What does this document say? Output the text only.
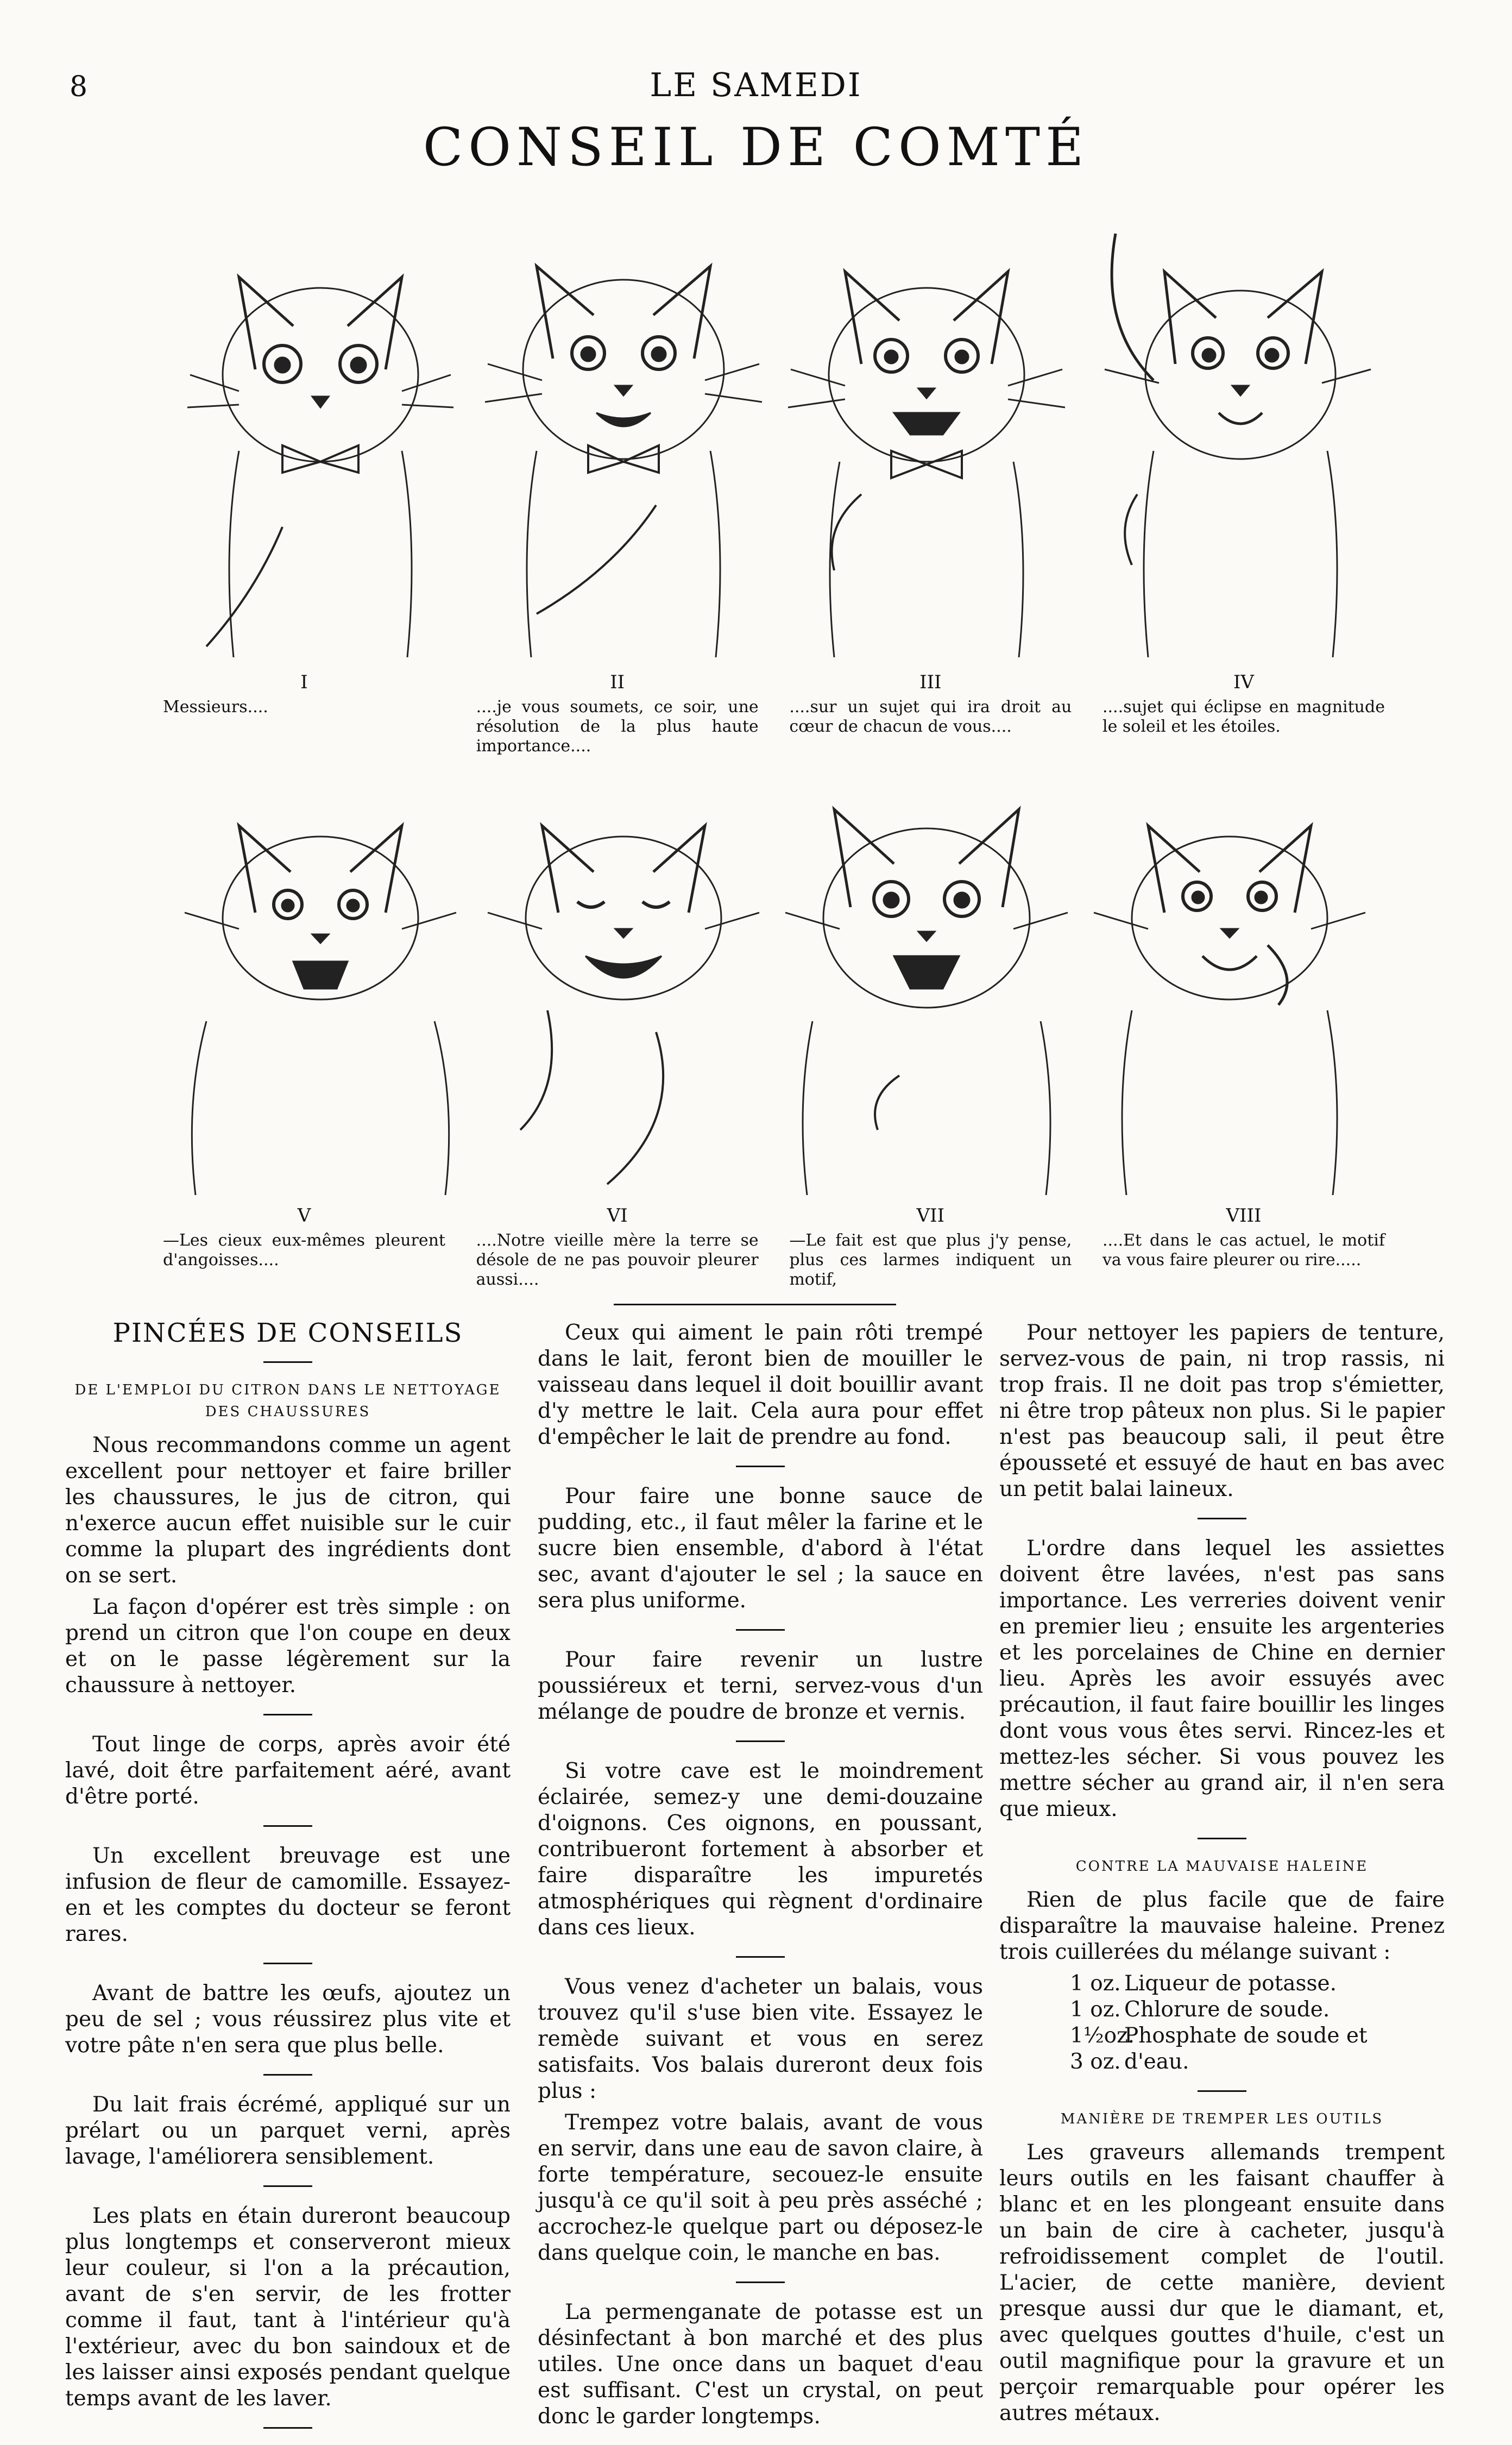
8	LE SAMEDI
CONSEIL DE COMTÉ
I
Messieurs....
II
....je vous soumets, ce soir, une résolution de la plus haute importance....
III
....sur un sujet qui ira droit au cœur de chacun de vous....
IV
....sujet qui éclipse en magnitude le soleil et les étoiles.
V
—Les cieux eux-mêmes pleurent d'angoisses....
VI
....Notre vieille mère la terre se désole de ne pas pouvoir pleurer aussi....
VII
—Le fait est que plus j'y pense, plus ces larmes indiquent un motif,
VIII
....Et dans le cas actuel, le motif va vous faire pleurer ou rire.....
PINCÉES DE CONSEILS
DE L'EMPLOI DU CITRON DANS LE NETTOYAGE DES CHAUSSURES

Nous recommandons comme un agent excellent pour nettoyer et faire briller les chaussures, le jus de citron, qui n'exerce aucun effet nuisible sur le cuir comme la plupart des ingrédients dont on se sert.

La façon d'opérer est très simple : on prend un citron que l'on coupe en deux et on le passe légèrement sur la chaussure à nettoyer.

Tout linge de corps, après avoir été lavé, doit être parfaitement aéré, avant d'être porté.

Un excellent breuvage est une infusion de fleur de camomille. Essayez-en et les comptes du docteur se feront rares.

Avant de battre les œufs, ajoutez un peu de sel ; vous réussirez plus vite et votre pâte n'en sera que plus belle.

Du lait frais écrémé, appliqué sur un prélart ou un parquet verni, après lavage, l'améliorera sensiblement.

Les plats en étain dureront beaucoup plus longtemps et conserveront mieux leur couleur, si l'on a la précaution, avant de s'en servir, de les frotter comme il faut, tant à l'intérieur qu'à l'extérieur, avec du bon saindoux et de les laisser ainsi exposés pendant quelque temps avant de les laver.

Ceux qui aiment le pain rôti trempé dans le lait, feront bien de mouiller le vaisseau dans lequel il doit bouillir avant d'y mettre le lait. Cela aura pour effet d'empêcher le lait de prendre au fond.

Pour faire une bonne sauce de pudding, etc., il faut mêler la farine et le sucre bien ensemble, d'abord à l'état sec, avant d'ajouter le sel ; la sauce en sera plus uniforme.

Pour faire revenir un lustre poussiéreux et terni, servez-vous d'un mélange de poudre de bronze et vernis.

Si votre cave est le moindrement éclairée, semez-y une demi-douzaine d'oignons. Ces oignons, en poussant, contribueront fortement à absorber et faire disparaître les impuretés atmosphériques qui règnent d'ordinaire dans ces lieux.

Vous venez d'acheter un balais, vous trouvez qu'il s'use bien vite. Essayez le remède suivant et vous en serez satisfaits. Vos balais dureront deux fois plus :

Trempez votre balais, avant de vous en servir, dans une eau de savon claire, à forte température, secouez-le ensuite jusqu'à ce qu'il soit à peu près asséché ; accrochez-le quelque part ou déposez-le dans quelque coin, le manche en bas.

La permenganate de potasse est un désinfectant à bon marché et des plus utiles. Une once dans un baquet d'eau est suffisant. C'est un crystal, on peut donc le garder longtemps.

Pour nettoyer les papiers de tenture, servez-vous de pain, ni trop rassis, ni trop frais. Il ne doit pas trop s'émietter, ni être trop pâteux non plus. Si le papier n'est pas beaucoup sali, il peut être épousseté et essuyé de haut en bas avec un petit balai laineux.

L'ordre dans lequel les assiettes doivent être lavées, n'est pas sans importance. Les verreries doivent venir en premier lieu ; ensuite les argenteries et les porcelaines de Chine en dernier lieu. Après les avoir essuyés avec précaution, il faut faire bouillir les linges dont vous vous êtes servi. Rincez-les et mettez-les sécher. Si vous pouvez les mettre sécher au grand air, il n'en sera que mieux.

CONTRE LA MAUVAISE HALEINE

Rien de plus facile que de faire disparaître la mauvaise haleine. Prenez trois cuillerées du mélange suivant :

1 oz. Liqueur de potasse.
1 oz. Chlorure de soude.
1½oz.Phosphate de soude et
3 oz. d'eau.
MANIÈRE DE TREMPER LES OUTILS

Les graveurs allemands trempent leurs outils en les faisant chauffer à blanc et en les plongeant ensuite dans un bain de cire à cacheter, jusqu'à refroidissement complet de l'outil. L'acier, de cette manière, devient presque aussi dur que le diamant, et, avec quelques gouttes d'huile, c'est un outil magnifique pour la gravure et un perçoir remarquable pour opérer les autres métaux.
